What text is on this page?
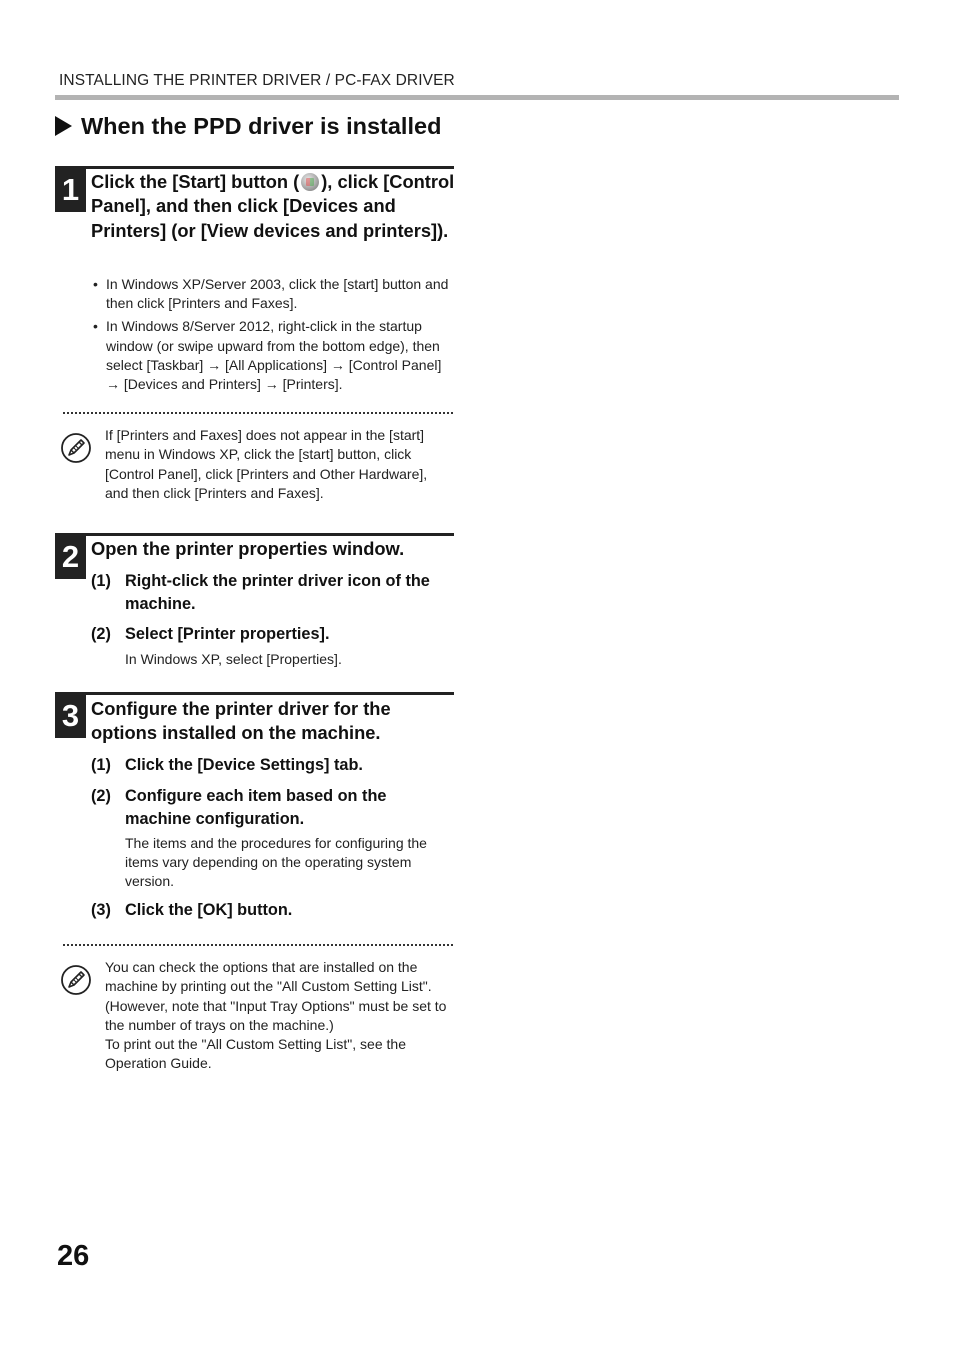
INSTALLING THE PRINTER DRIVER / PC-FAX DRIVER
When the PPD driver is installed
1 Click the [Start] button ( ), click [Control Panel], and then click [Devices and Printers] (or [View devices and printers]).
• In Windows XP/Server 2003, click the [start] button and then click [Printers and Faxes].
• In Windows 8/Server 2012, right-click in the startup window (or swipe upward from the bottom edge), then select [Taskbar] → [All Applications] → [Control Panel] → [Devices and Printers] → [Printers].
If [Printers and Faxes] does not appear in the [start] menu in Windows XP, click the [start] button, click [Control Panel], click [Printers and Other Hardware], and then click [Printers and Faxes].
2 Open the printer properties window.
(1) Right-click the printer driver icon of the machine.
(2) Select [Printer properties].
In Windows XP, select [Properties].
3 Configure the printer driver for the options installed on the machine.
(1) Click the [Device Settings] tab.
(2) Configure each item based on the machine configuration.
The items and the procedures for configuring the items vary depending on the operating system version.
(3) Click the [OK] button.
You can check the options that are installed on the machine by printing out the "All Custom Setting List". (However, note that "Input Tray Options" must be set to the number of trays on the machine.)
To print out the "All Custom Setting List", see the Operation Guide.
26
